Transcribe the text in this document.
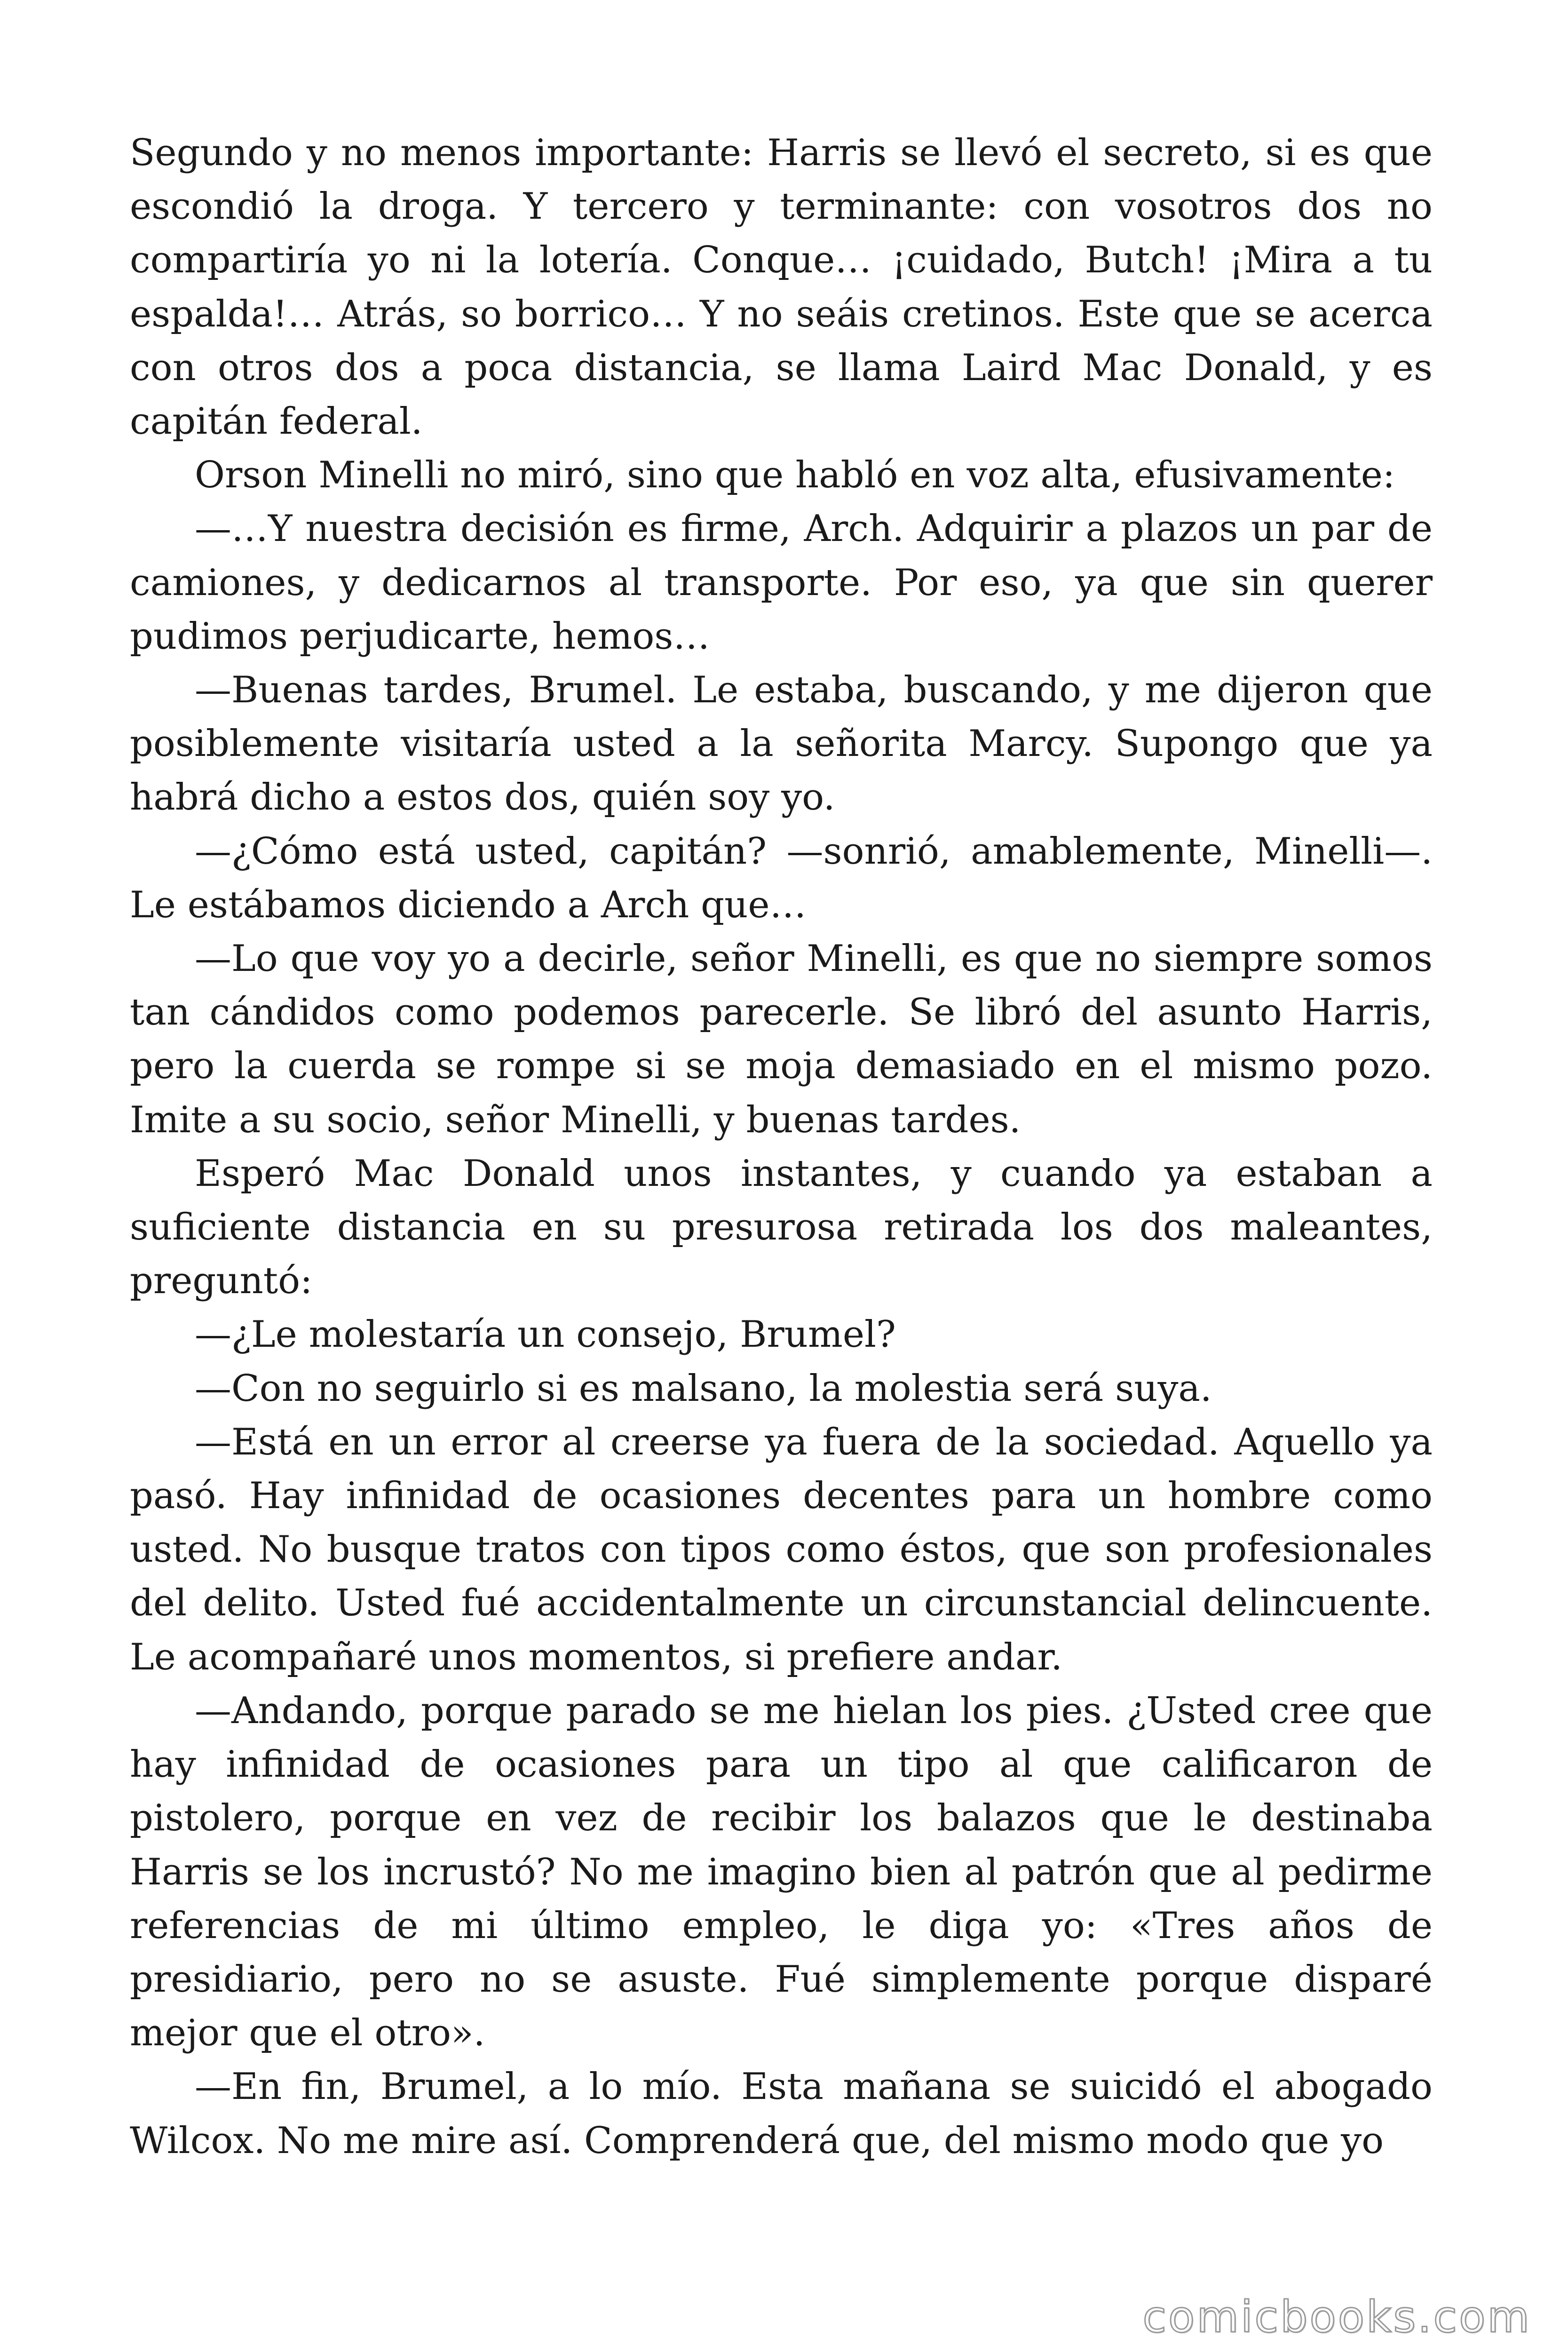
Segundo y no menos importante: Harris se llevó el secreto, si es que escondió la droga. Y tercero y terminante: con vosotros dos no compartiría yo ni la lotería. Conque… ¡cuidado, Butch! ¡Mira a tu espalda!… Atrás, so borrico… Y no seáis cretinos. Este que se acerca con otros dos a poca distancia, se llama Laird Mac Donald, y es capitán federal.

Orson Minelli no miró, sino que habló en voz alta, efusivamente:

—…Y nuestra decisión es firme, Arch. Adquirir a plazos un par de camiones, y dedicarnos al transporte. Por eso, ya que sin querer pudimos perjudicarte, hemos…

—Buenas tardes, Brumel. Le estaba, buscando, y me dijeron que posiblemente visitaría usted a la señorita Marcy. Supongo que ya habrá dicho a estos dos, quién soy yo.

—¿Cómo está usted, capitán? —sonrió, amablemente, Minelli—. Le estábamos diciendo a Arch que…

—Lo que voy yo a decirle, señor Minelli, es que no siempre somos tan cándidos como podemos parecerle. Se libró del asunto Harris, pero la cuerda se rompe si se moja demasiado en el mismo pozo. Imite a su socio, señor Minelli, y buenas tardes.

Esperó Mac Donald unos instantes, y cuando ya estaban a suficiente distancia en su presurosa retirada los dos maleantes, preguntó:

—¿Le molestaría un consejo, Brumel?

—Con no seguirlo si es malsano, la molestia será suya.

—Está en un error al creerse ya fuera de la sociedad. Aquello ya pasó. Hay infinidad de ocasiones decentes para un hombre como usted. No busque tratos con tipos como éstos, que son profesionales del delito. Usted fué accidentalmente un circunstancial delincuente. Le acompañaré unos momentos, si prefiere andar.

—Andando, porque parado se me hielan los pies. ¿Usted cree que hay infinidad de ocasiones para un tipo al que calificaron de pistolero, porque en vez de recibir los balazos que le destinaba Harris se los incrustó? No me imagino bien al patrón que al pedirme referencias de mi último empleo, le diga yo: «Tres años de presidiario, pero no se asuste. Fué simplemente porque disparé mejor que el otro».

—En fin, Brumel, a lo mío. Esta mañana se suicidó el abogado Wilcox. No me mire así. Comprenderá que, del mismo modo que yo

comicbooks.com
